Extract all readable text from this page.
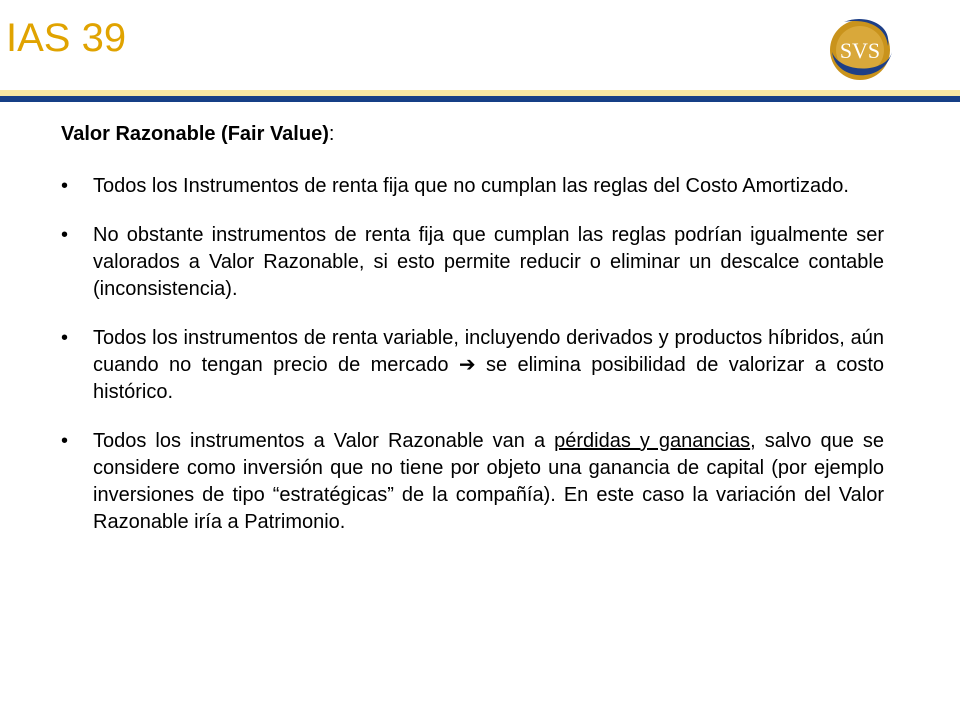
IAS 39	SVS

Valor Razonable (Fair Value):

• Todos los Instrumentos de renta fija que no cumplan las reglas del Costo Amortizado.
• No obstante instrumentos de renta fija que cumplan las reglas podrían igualmente ser valorados a Valor Razonable, si esto permite reducir o eliminar un descalce contable (inconsistencia).
• Todos los instrumentos de renta variable, incluyendo derivados y productos híbridos, aún cuando no tengan precio de mercado ➔ se elimina posibilidad de valorizar a costo histórico.
• Todos los instrumentos a Valor Razonable van a pérdidas y ganancias, salvo que se considere como inversión que no tiene por objeto una ganancia de capital (por ejemplo inversiones de tipo “estratégicas” de la compañía). En este caso la variación del Valor Razonable iría a Patrimonio.
